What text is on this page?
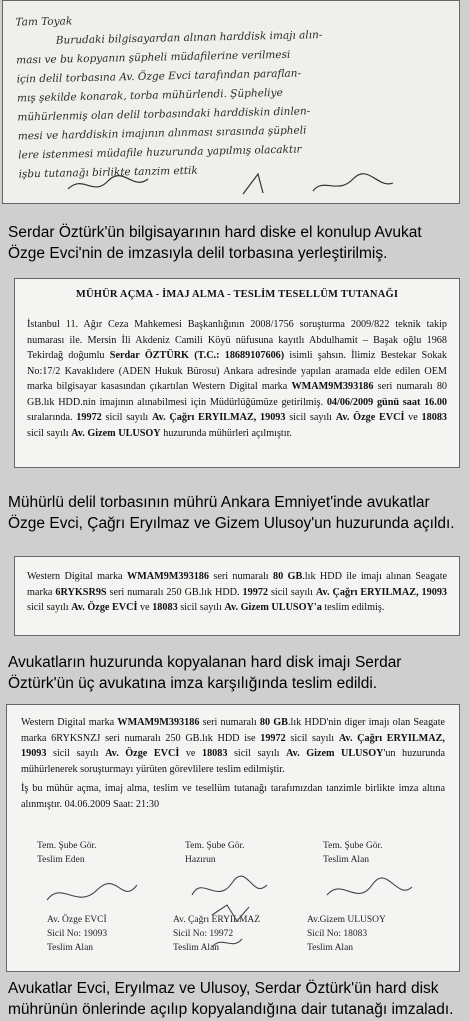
Tam Toyak
Burudaki bilgisayardan alınan harddisk imajı alın-
ması ve bu kopyanın şüpheli müdafilerine verilmesi
için delil torbasına Av. Özge Evci tarafından paraflan-
mış şekilde konarak, torba mühürlendi. Şüpheliye
mühürlenmiş olan delil torbasındaki harddiskin dinlen-
mesi ve harddiskin imajının alınması sırasında şüpheli
lere istenmesi müdafile huzurunda yapılmış olacaktır
işbu tutanağı birlikte tanzim ettik
Serdar Öztürk'ün bilgisayarının hard diske el konulup Avukat Özge Evci'nin de imzasıyla delil torbasına yerleştirilmiş.
MÜHÜR AÇMA - İMAJ ALMA - TESLİM TESELLÜM TUTANAĞI
İstanbul 11. Ağır Ceza Mahkemesi Başkanlığının 2008/1756 soruşturma 2009/822 teknik takip numarası ile. Mersin İli Akdeniz Camili Köyü nüfusuna kayıtlı Abdulhamit – Başak oğlu 1968 Tekirdağ doğumlu Serdar ÖZTÜRK (T.C.: 18689107606) isimli şahsın. İlimiz Bestekar Sokak No:17/2 Kavaklıdere (ADEN Hukuk Bürosu) Ankara adresinde yapılan aramada elde edilen OEM marka bilgisayar kasasından çıkartılan Western Digital marka WMAM9M393186 seri numaralı 80 GB.lık HDD.nin imajının alınabilmesi için Müdürlüğümüze getirilmiş. 04/06/2009 günü saat 16.00 sıralarında. 19972 sicil sayılı Av. Çağrı ERYILMAZ, 19093 sicil sayılı Av. Özge EVCİ ve 18083 sicil sayılı Av. Gizem ULUSOY huzurunda mühürleri açılmıştır.
Mühürlü delil torbasının mührü Ankara Emniyet'inde avukatlar Özge Evci, Çağrı Eryılmaz ve Gizem Ulusoy'un huzurunda açıldı.
Western Digital marka WMAM9M393186 seri numaralı 80 GB.lık HDD ile imajı alınan Seagate marka 6RYKSR9S seri numaralı 250 GB.lık HDD. 19972 sicil sayılı Av. Çağrı ERYILMAZ, 19093 sicil sayılı Av. Özge EVCİ ve 18083 sicil sayılı Av. Gizem ULUSOY'a teslim edilmiş.
Avukatların huzurunda kopyalanan hard disk imajı Serdar Öztürk'ün üç avukatına imza karşılığında teslim edildi.
Western Digital marka WMAM9M393186 seri numaralı 80 GB.lık HDD'nin diger imajı olan Seagate marka 6RYKSNZJ seri numaralı 250 GB.lık HDD ise 19972 sicil sayılı Av. Çağrı ERYILMAZ, 19093 sicil sayılı Av. Özge EVCİ ve 18083 sicil sayılı Av. Gizem ULUSOY'un huzurunda mühürlenerek soruşturmayı yürüten görevlilere teslim edilmiştir.
İş bu mühür açma, imaj alma, teslim ve tesellüm tutanağı tarafımızdan tanzimle birlikte imza altına alınmıştır. 04.06.2009 Saat: 21:30
Tem. Şube Gör.
Teslim Eden
Tem. Şube Gör.
Hazırun
Tem. Şube Gör.
Teslim Alan
Av. Özge EVCİ
Sicil No: 19093
Teslim Alan
Av. Çağrı ERYILMAZ
Sicil No: 19972
Teslim Alan
Av.Gizem ULUSOY
Sicil No: 18083
Teslim Alan
Avukatlar Evci, Eryılmaz ve Ulusoy, Serdar Öztürk'ün hard disk mührünün önlerinde açılıp kopyalandığına dair tutanağı imzaladı.
